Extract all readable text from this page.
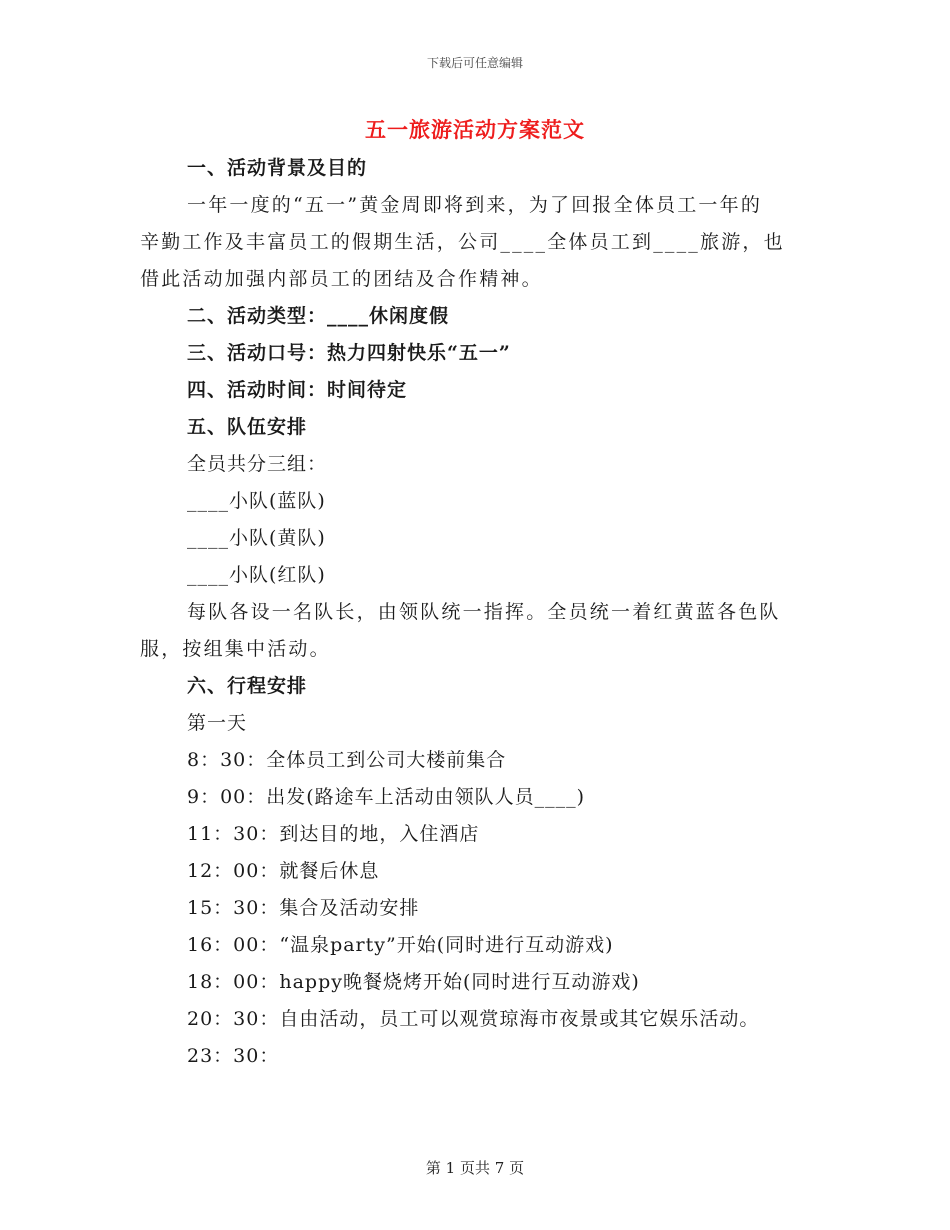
下载后可任意编辑
五一旅游活动方案范文
一、活动背景及目的
一年一度的“五一”黄金周即将到来，为了回报全体员工一年的
辛勤工作及丰富员工的假期生活，公司____全体员工到____旅游，也
借此活动加强内部员工的团结及合作精神。
二、活动类型：____休闲度假
三、活动口号：热力四射快乐“五一”
四、活动时间：时间待定
五、队伍安排
全员共分三组：
____小队(蓝队)
____小队(黄队)
____小队(红队)
每队各设一名队长，由领队统一指挥。全员统一着红黄蓝各色队
服，按组集中活动。
六、行程安排
第一天
8：30：全体员工到公司大楼前集合
9：00：出发(路途车上活动由领队人员____)
11：30：到达目的地，入住酒店
12：00：就餐后休息
15：30：集合及活动安排
16：00：“温泉party”开始(同时进行互动游戏)
18：00：happy晚餐烧烤开始(同时进行互动游戏)
20：30：自由活动，员工可以观赏琼海市夜景或其它娱乐活动。
23：30：
第 1 页共 7 页
